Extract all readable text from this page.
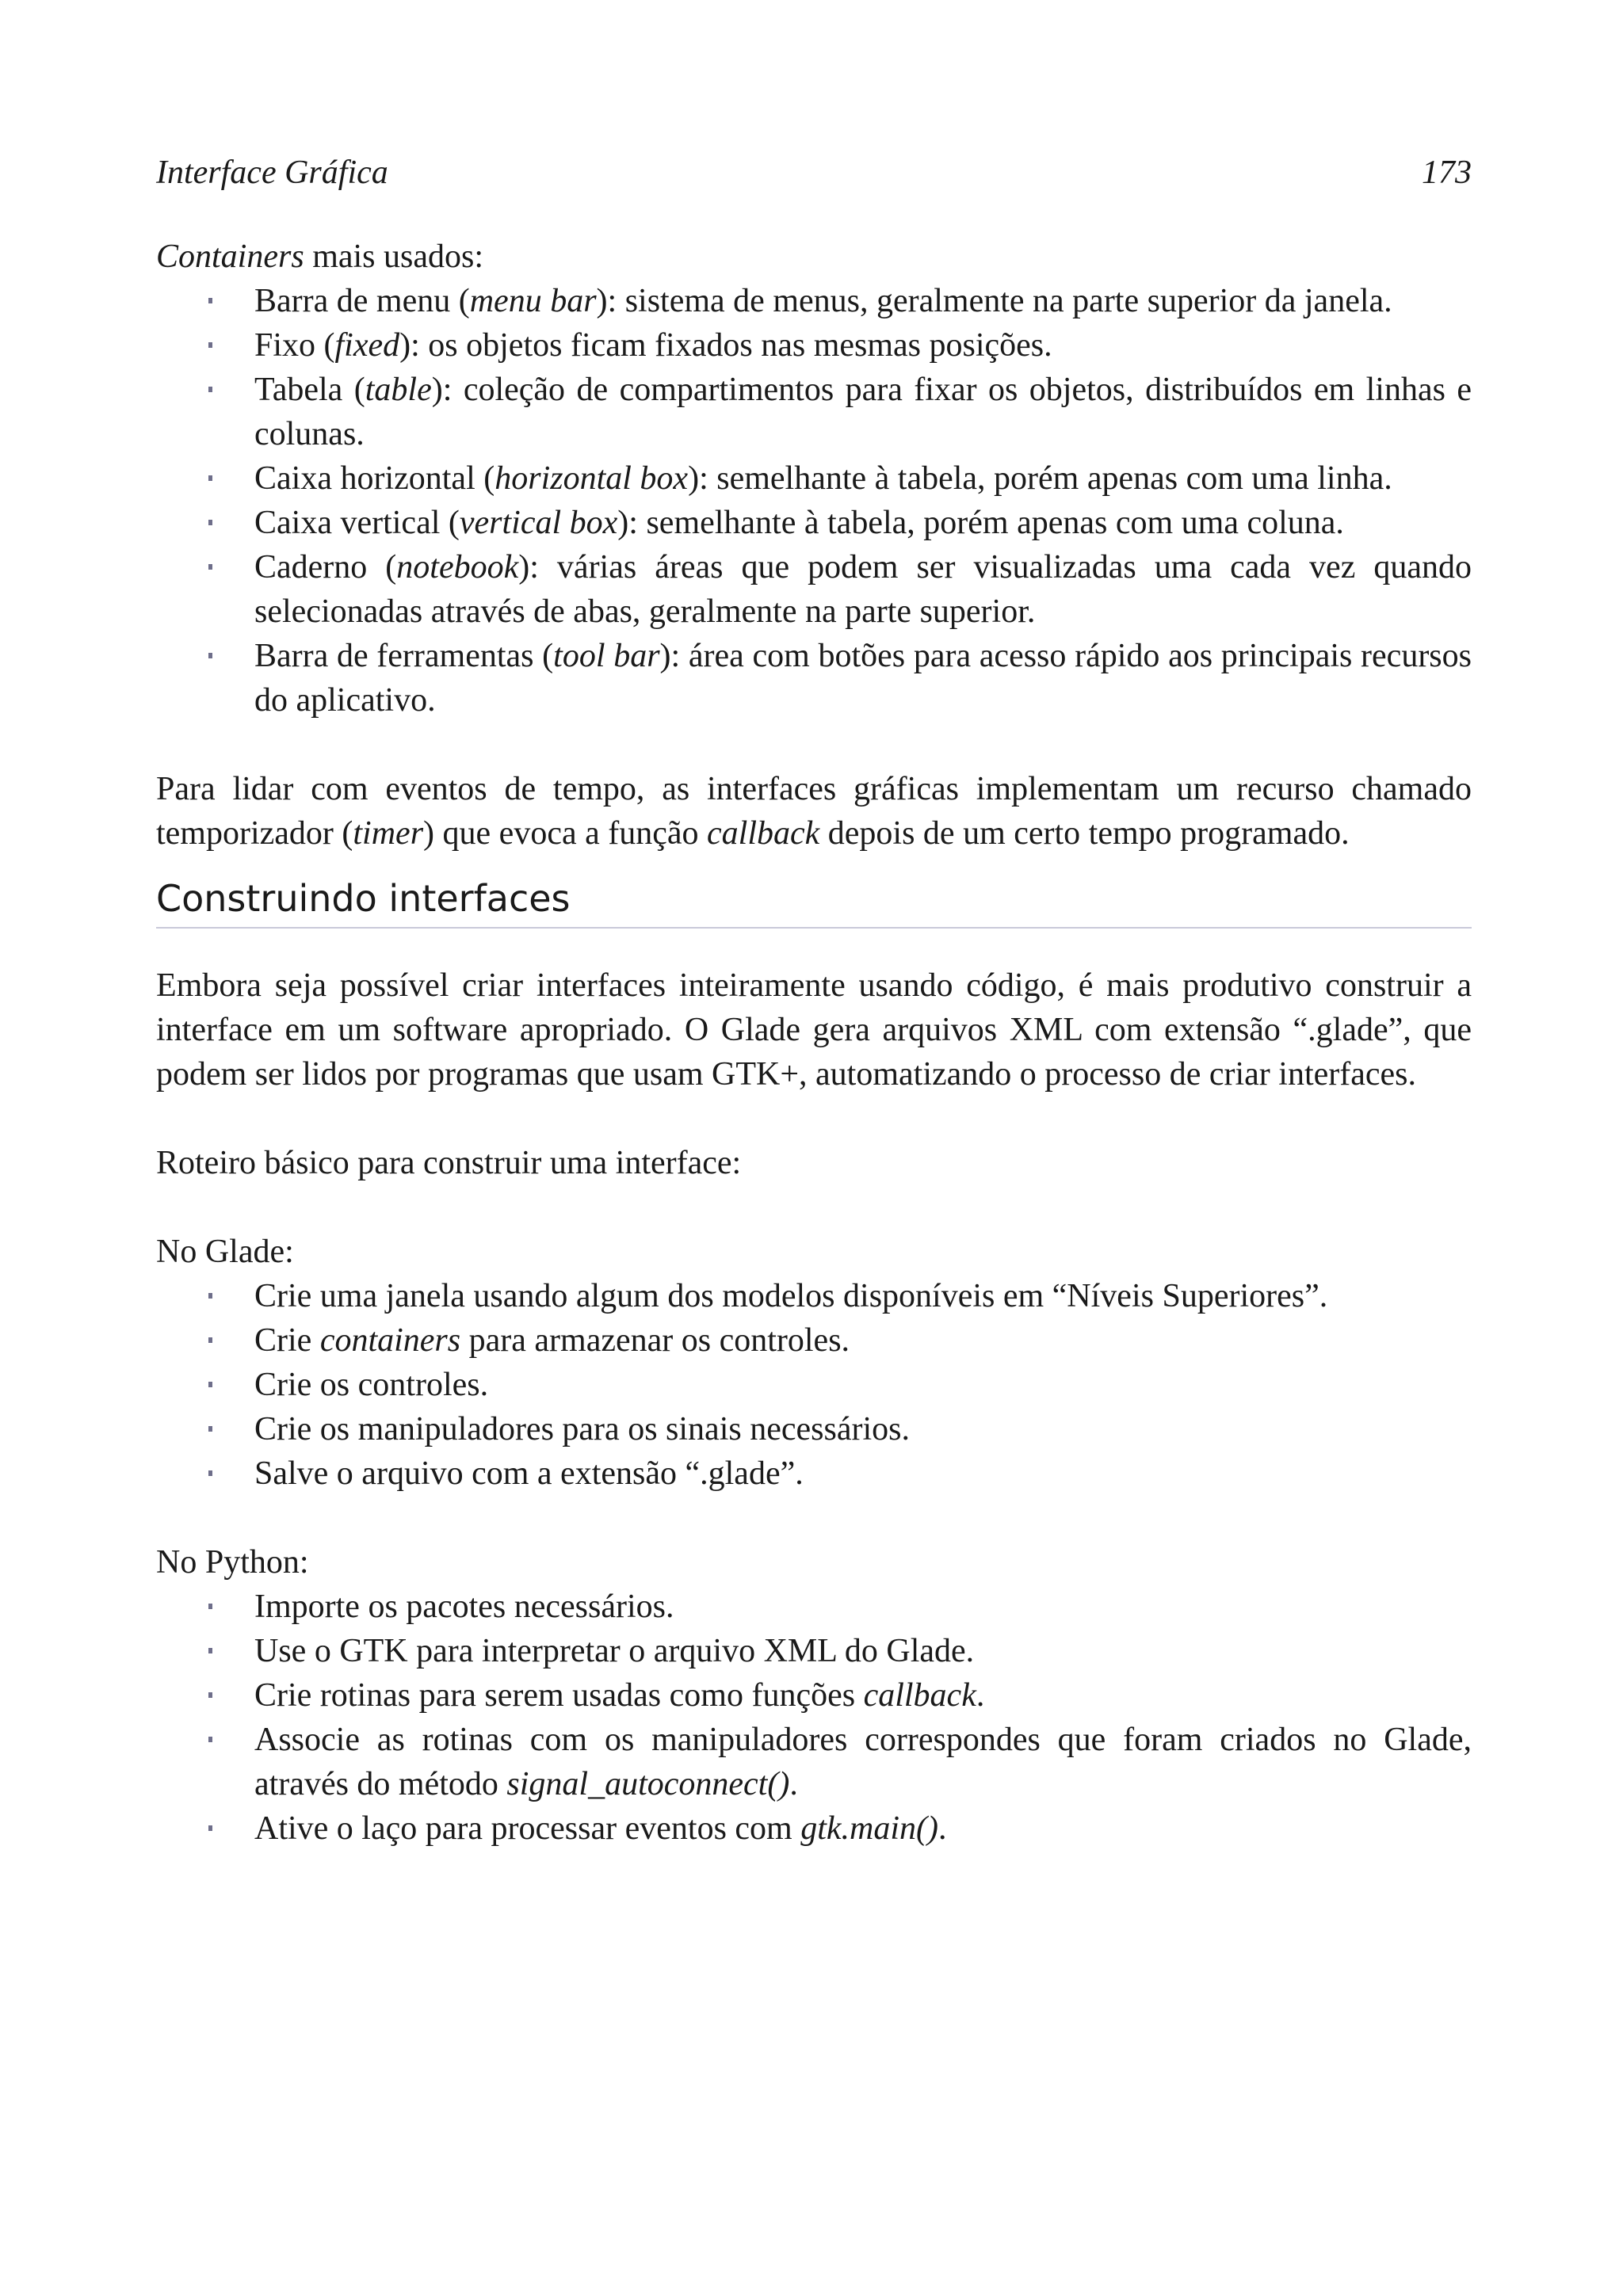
Interface Gráfica	173

Containers mais usados:

Barra de menu (menu bar): sistema de menus, geralmente na parte superior da janela.
Fixo (fixed): os objetos ficam fixados nas mesmas posições.
Tabela (table): coleção de compartimentos para fixar os objetos, distribuídos em linhas e colunas.
Caixa horizontal (horizontal box): semelhante à tabela, porém apenas com uma linha.
Caixa vertical (vertical box): semelhante à tabela, porém apenas com uma coluna.
Caderno (notebook): várias áreas que podem ser visualizadas uma cada vez quando selecionadas através de abas, geralmente na parte superior.
Barra de ferramentas (tool bar): área com botões para acesso rápido aos principais recursos do aplicativo.

Para lidar com eventos de tempo, as interfaces gráficas implementam um recurso chamado temporizador (timer) que evoca a função callback depois de um certo tempo programado.

Construindo interfaces

Embora seja possível criar interfaces inteiramente usando código, é mais produtivo construir a interface em um software apropriado. O Glade gera arquivos XML com extensão “.glade”, que podem ser lidos por programas que usam GTK+, automatizando o processo de criar interfaces.

Roteiro básico para construir uma interface:

No Glade:

Crie uma janela usando algum dos modelos disponíveis em “Níveis Superiores”.
Crie containers para armazenar os controles.
Crie os controles.
Crie os manipuladores para os sinais necessários.
Salve o arquivo com a extensão “.glade”.

No Python:

Importe os pacotes necessários.
Use o GTK para interpretar o arquivo XML do Glade.
Crie rotinas para serem usadas como funções callback.
Associe as rotinas com os manipuladores correspondes que foram criados no Glade, através do método signal_autoconnect().
Ative o laço para processar eventos com gtk.main().
